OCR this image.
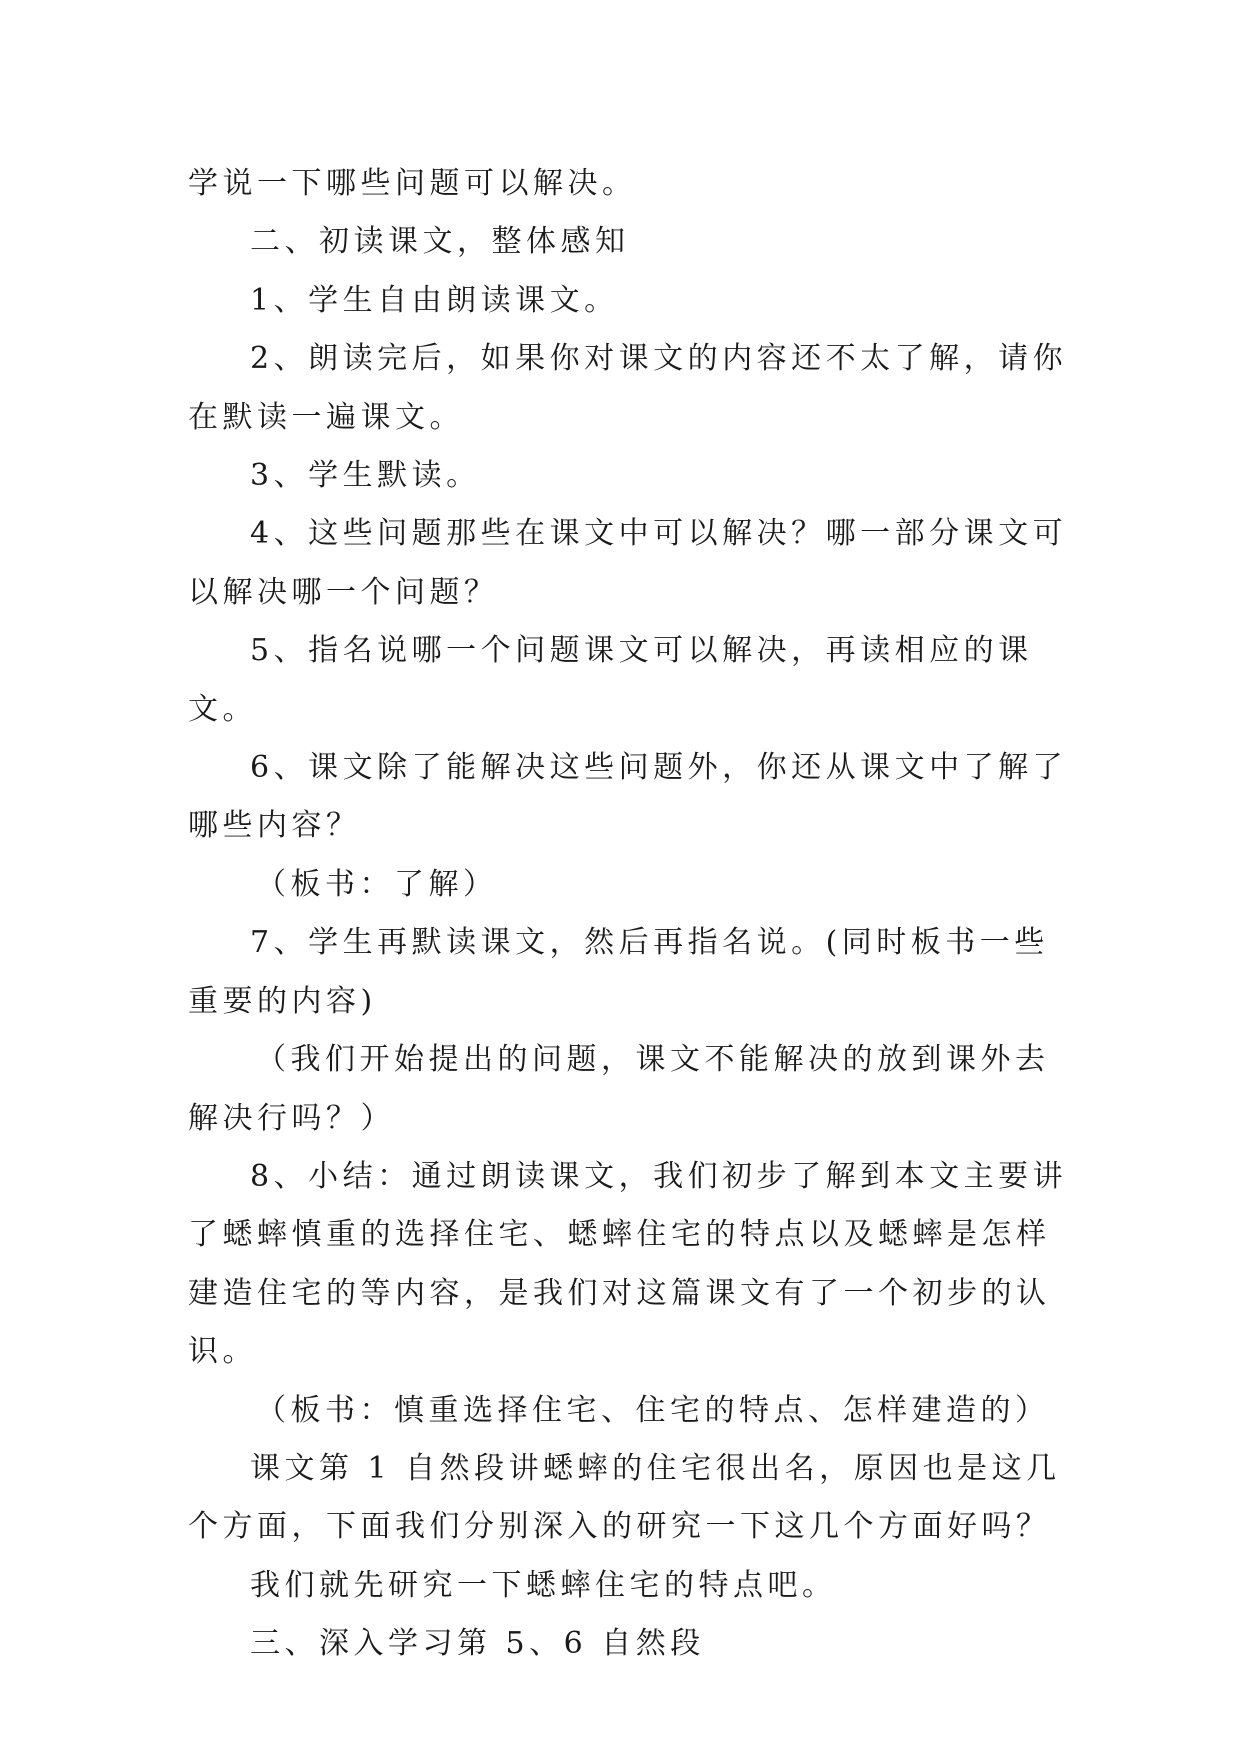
学说一下哪些问题可以解决。

二、初读课文，整体感知

1、学生自由朗读课文。

2、朗读完后，如果你对课文的内容还不太了解，请你在默读一遍课文。

3、学生默读。

4、这些问题那些在课文中可以解决？哪一部分课文可以解决哪一个问题？

5、指名说哪一个问题课文可以解决，再读相应的课文。

6、课文除了能解决这些问题外，你还从课文中了解了哪些内容？

（板书：了解）

7、学生再默读课文，然后再指名说。(同时板书一些重要的内容)

（我们开始提出的问题，课文不能解决的放到课外去解决行吗？）

8、小结：通过朗读课文，我们初步了解到本文主要讲了蟋蟀慎重的选择住宅、蟋蟀住宅的特点以及蟋蟀是怎样建造住宅的等内容，是我们对这篇课文有了一个初步的认识。

（板书：慎重选择住宅、住宅的特点、怎样建造的）

课文第 1 自然段讲蟋蟀的住宅很出名，原因也是这几个方面，下面我们分别深入的研究一下这几个方面好吗？

我们就先研究一下蟋蟀住宅的特点吧。

三、深入学习第 5、6 自然段
